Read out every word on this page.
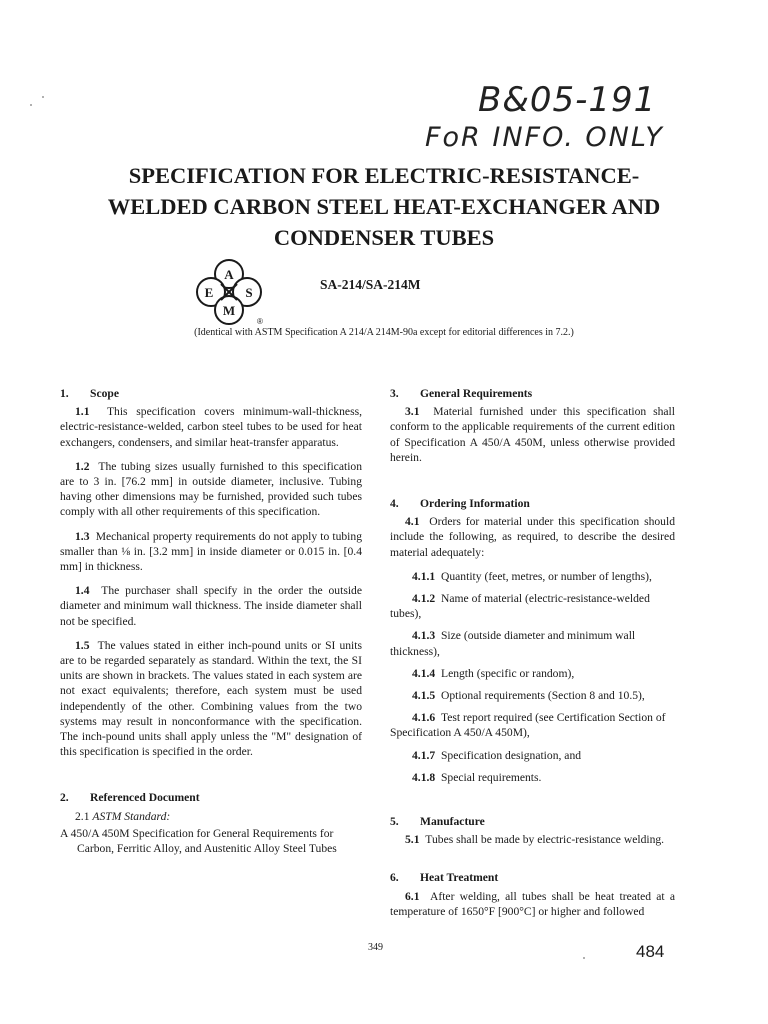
B&05-191
FoR INFO. ONLY
SPECIFICATION FOR ELECTRIC-RESISTANCE-
WELDED CARBON STEEL HEAT-EXCHANGER AND
CONDENSER TUBES
A
E S
M
®
SA-214/SA-214M
(Identical with ASTM Specification A 214/A 214M-90a except for editorial differences in 7.2.)
1. Scope

1.1 This specification covers minimum-wall-thickness, electric-resistance-welded, carbon steel tubes to be used for heat exchangers, condensers, and similar heat-transfer apparatus.

1.2 The tubing sizes usually furnished to this specification are to 3 in. [76.2 mm] in outside diameter, inclusive. Tubing having other dimensions may be furnished, provided such tubes comply with all other requirements of this specification.

1.3 Mechanical property requirements do not apply to tubing smaller than ⅛ in. [3.2 mm] in inside diameter or 0.015 in. [0.4 mm] in thickness.

1.4 The purchaser shall specify in the order the outside diameter and minimum wall thickness. The inside diameter shall not be specified.

1.5 The values stated in either inch-pound units or SI units are to be regarded separately as standard. Within the text, the SI units are shown in brackets. The values stated in each system are not exact equivalents; therefore, each system must be used independently of the other. Combining values from the two systems may result in nonconformance with the specification. The inch-pound units shall apply unless the "M" designation of this specification is specified in the order.

2. Referenced Document

2.1 ASTM Standard:

A 450/A 450M Specification for General Requirements for Carbon, Ferritic Alloy, and Austenitic Alloy Steel Tubes

3. General Requirements

3.1 Material furnished under this specification shall conform to the applicable requirements of the current edition of Specification A 450/A 450M, unless otherwise provided herein.

4. Ordering Information

4.1 Orders for material under this specification should include the following, as required, to describe the desired material adequately:

4.1.1 Quantity (feet, metres, or number of lengths),

4.1.2 Name of material (electric-resistance-welded tubes),

4.1.3 Size (outside diameter and minimum wall thickness),

4.1.4 Length (specific or random),

4.1.5 Optional requirements (Section 8 and 10.5),

4.1.6 Test report required (see Certification Section of Specification A 450/A 450M),

4.1.7 Specification designation, and

4.1.8 Special requirements.

5. Manufacture

5.1 Tubes shall be made by electric-resistance welding.

6. Heat Treatment

6.1 After welding, all tubes shall be heat treated at a temperature of 1650°F [900°C] or higher and followed

349	484
